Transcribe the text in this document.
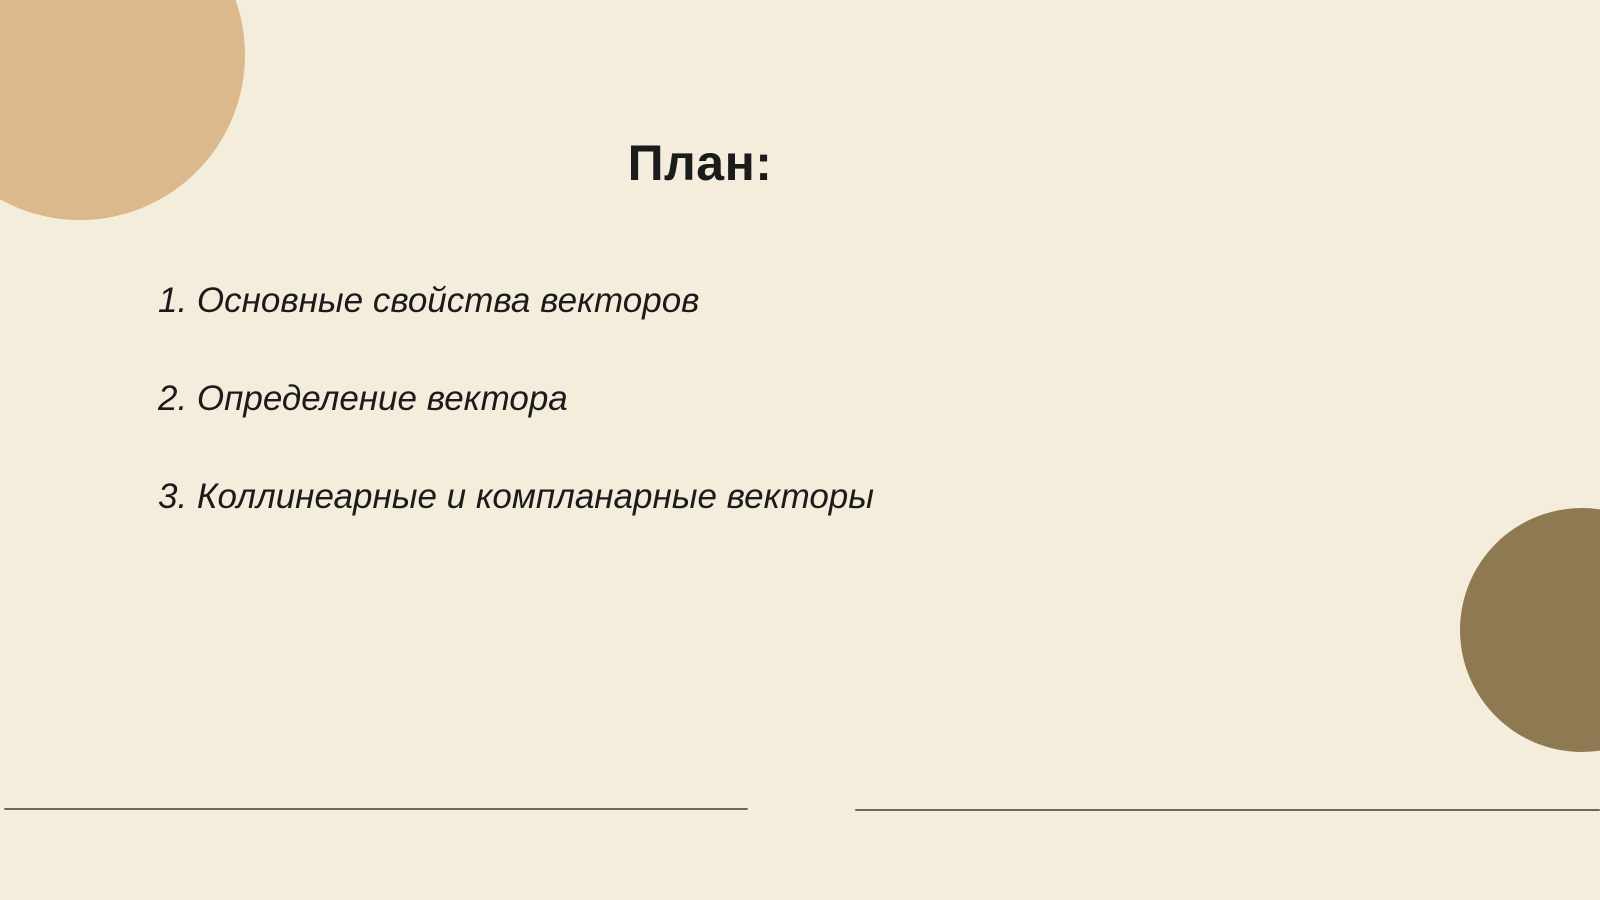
План:
1. Основные свойства векторов
2. Определение вектора
3. Коллинеарные и компланарные векторы
